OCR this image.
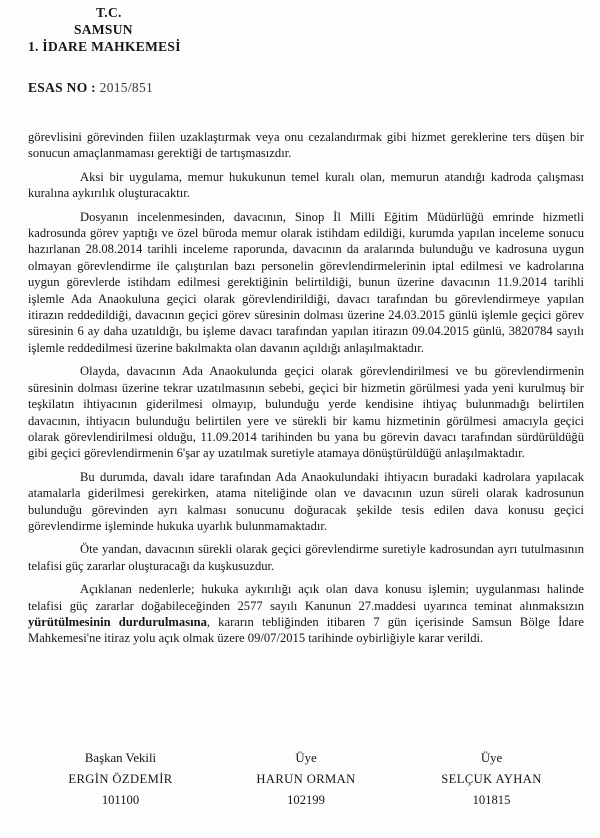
T.C.
SAMSUN
1. İDARE MAHKEMESİ
ESAS NO : 2015/851

görevlisini görevinden fiilen uzaklaştırmak veya onu cezalandırmak gibi hizmet gereklerine ters düşen bir sonucun amaçlanmaması gerektiği de tartışmasızdır.

Aksi bir uygulama, memur hukukunun temel kuralı olan, memurun atandığı kadroda çalışması kuralına aykırılık oluşturacaktır.

Dosyanın incelenmesinden, davacının, Sinop İl Milli Eğitim Müdürlüğü emrinde hizmetli kadrosunda görev yaptığı ve özel büroda memur olarak istihdam edildiği, kurumda yapılan inceleme sonucu hazırlanan 28.08.2014 tarihli inceleme raporunda, davacının da aralarında bulunduğu ve kadrosuna uygun olmayan görevlendirme ile çalıştırılan bazı personelin görevlendirmelerinin iptal edilmesi ve kadrolarına uygun görevlerde istihdam edilmesi gerektiğinin belirtildiği, bunun üzerine davacının 11.9.2014 tarihli işlemle Ada Anaokuluna geçici olarak görevlendirildiği, davacı tarafından bu görevlendirmeye yapılan itirazın reddedildiği, davacının geçici görev süresinin dolması üzerine 24.03.2015 günlü işlemle geçici görev süresinin 6 ay daha uzatıldığı, bu işleme davacı tarafından yapılan itirazın 09.04.2015 günlü, 3820784 sayılı işlemle reddedilmesi üzerine bakılmakta olan davanın açıldığı anlaşılmaktadır.

Olayda, davacının Ada Anaokulunda geçici olarak görevlendirilmesi ve bu görevlendirmenin süresinin dolması üzerine tekrar uzatılmasının sebebi, geçici bir hizmetin görülmesi yada yeni kurulmuş bir teşkilatın ihtiyacının giderilmesi olmayıp, bulunduğu yerde kendisine ihtiyaç bulunmadığı belirtilen davacının, ihtiyacın bulunduğu belirtilen yere ve sürekli bir kamu hizmetinin görülmesi amacıyla geçici olarak görevlendirilmesi olduğu, 11.09.2014 tarihinden bu yana bu görevin davacı tarafından sürdürüldüğü gibi geçici görevlendirmenin 6'şar ay uzatılmak suretiyle atamaya dönüştürüldüğü anlaşılmaktadır.

Bu durumda, davalı idare tarafından Ada Anaokulundaki ihtiyacın buradaki kadrolara yapılacak atamalarla giderilmesi gerekirken, atama niteliğinde olan ve davacının uzun süreli olarak kadrosunun bulunduğu görevinden ayrı kalması sonucunu doğuracak şekilde tesis edilen dava konusu geçici görevlendirme işleminde hukuka uyarlık bulunmamaktadır.

Öte yandan, davacının sürekli olarak geçici görevlendirme suretiyle kadrosundan ayrı tutulmasının telafisi güç zararlar oluşturacağı da kuşkusuzdur.

Açıklanan nedenlerle; hukuka aykırılığı açık olan dava konusu işlemin; uygulanması halinde telafisi güç zararlar doğabileceğinden 2577 sayılı Kanunun 27.maddesi uyarınca teminat alınmaksızın yürütülmesinin durdurulmasına, kararın tebliğinden itibaren 7 gün içerisinde Samsun Bölge İdare Mahkemesi'ne itiraz yolu açık olmak üzere 09/07/2015 tarihinde oybirliğiyle karar verildi.

Başkan Vekili
ERGİN ÖZDEMİR
101100
Üye
HARUN ORMAN
102199
Üye
SELÇUK AYHAN
101815
